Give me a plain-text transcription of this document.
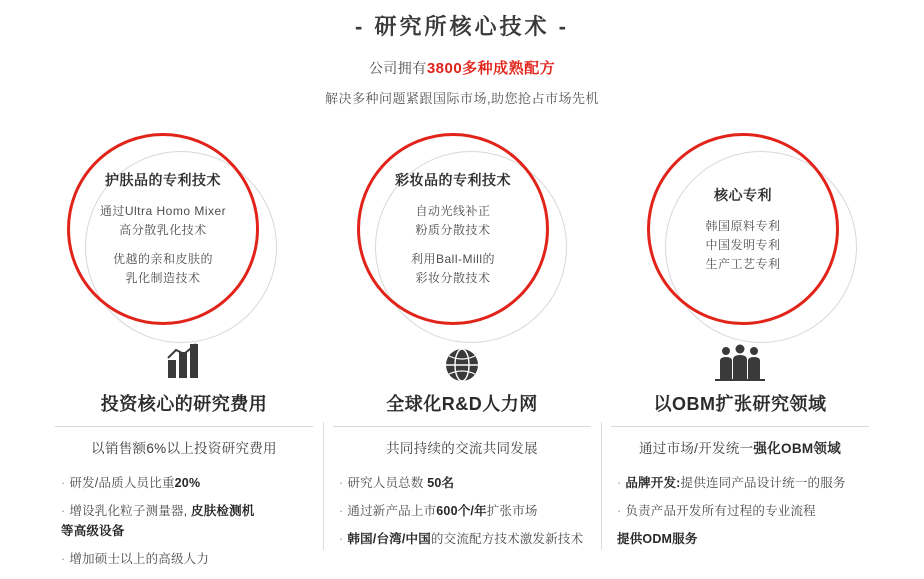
- 研究所核心技术 -
公司拥有3800多种成熟配方
解决多种问题紧跟国际市场,助您抢占市场先机
护肤品的专利技术
通过Ultra Homo Mixer
高分散乳化技术
优越的亲和皮肤的
乳化制造技术
彩妆品的专利技术
自动光线补正
粉质分散技术
利用Ball-Mill的
彩妆分散技术
核心专利
韩国原料专利
中国发明专利
生产工艺专利
投资核心的研究费用
以销售额6%以上投资研究费用
· 研发/品质人员比重20%
· 增设乳化粒子测量器, 皮肤检测机
等高级设备
· 增加硕士以上的高级人力
全球化R&D人力网
共同持续的交流共同发展
· 研究人员总数 50名
· 通过新产品上市600个/年扩张市场
· 韩国/台湾/中国的交流配方技术激发新技术
以OBM扩张研究领域
通过市场/开发统一强化OBM领域
· 品牌开发:提供连同产品设计统一的服务
· 负责产品开发所有过程的专业流程
提供ODM服务
